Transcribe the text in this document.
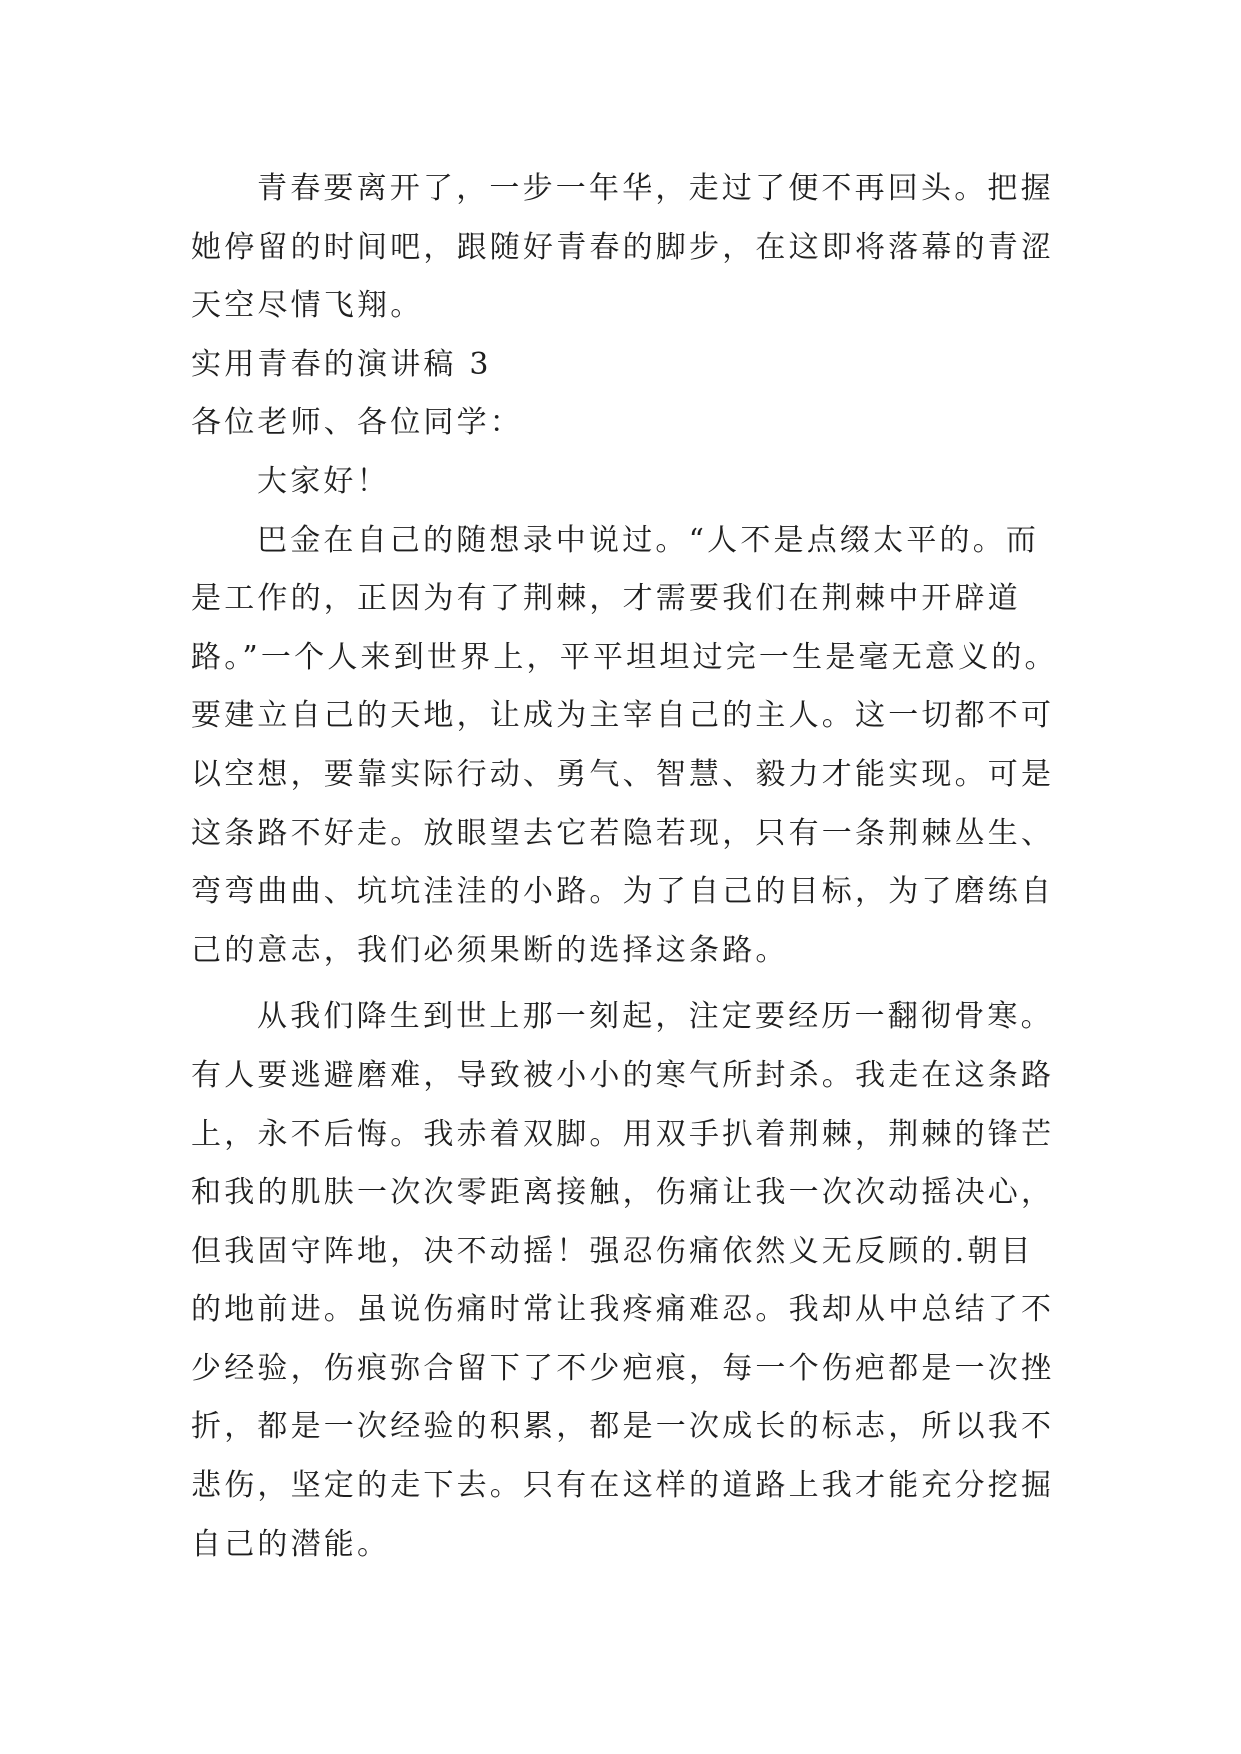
青春要离开了，一步一年华，走过了便不再回头。把握
她停留的时间吧，跟随好青春的脚步，在这即将落幕的青涩
天空尽情飞翔。
实用青春的演讲稿 3
各位老师、各位同学：
大家好！
巴金在自己的随想录中说过。“人不是点缀太平的。而
是工作的，正因为有了荆棘，才需要我们在荆棘中开辟道
路。”一个人来到世界上，平平坦坦过完一生是毫无意义的。
要建立自己的天地，让成为主宰自己的主人。这一切都不可
以空想，要靠实际行动、勇气、智慧、毅力才能实现。可是
这条路不好走。放眼望去它若隐若现，只有一条荆棘丛生、
弯弯曲曲、坑坑洼洼的小路。为了自己的目标，为了磨练自
己的意志，我们必须果断的选择这条路。
从我们降生到世上那一刻起，注定要经历一翻彻骨寒。
有人要逃避磨难，导致被小小的寒气所封杀。我走在这条路
上，永不后悔。我赤着双脚。用双手扒着荆棘，荆棘的锋芒
和我的肌肤一次次零距离接触，伤痛让我一次次动摇决心，
但我固守阵地，决不动摇！强忍伤痛依然义无反顾的.朝目
的地前进。虽说伤痛时常让我疼痛难忍。我却从中总结了不
少经验，伤痕弥合留下了不少疤痕，每一个伤疤都是一次挫
折，都是一次经验的积累，都是一次成长的标志，所以我不
悲伤，坚定的走下去。只有在这样的道路上我才能充分挖掘
自己的潜能。
